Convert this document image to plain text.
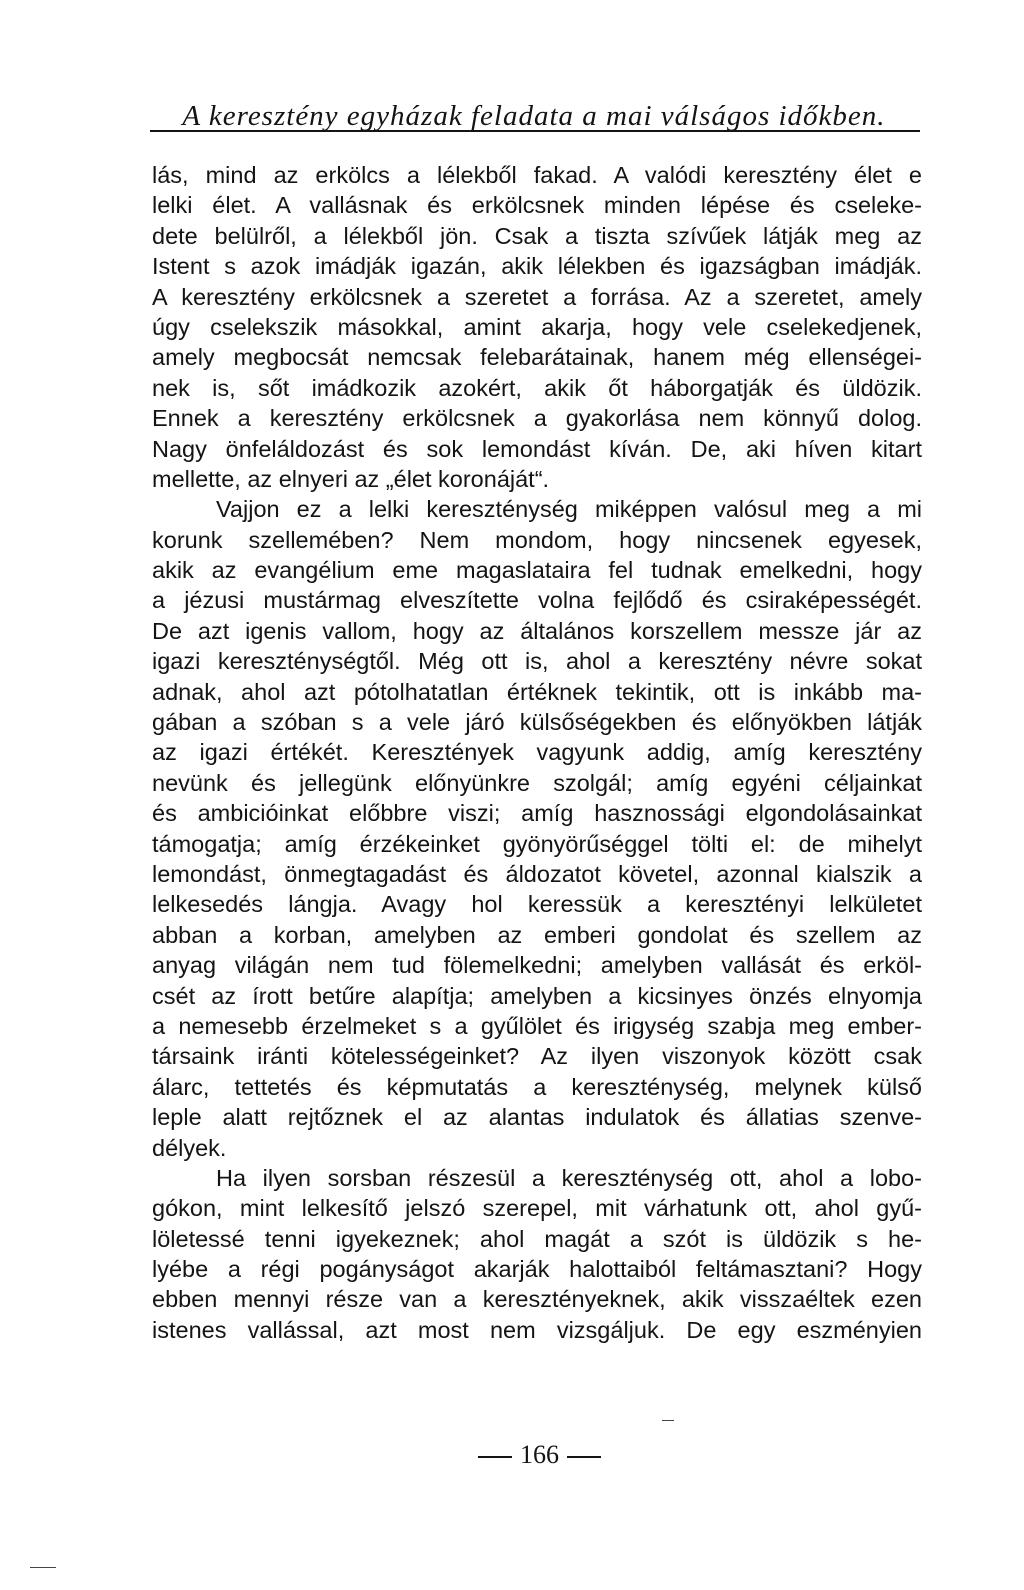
A keresztény egyházak feladata a mai válságos időkben.
lás, mind az erkölcs a lélekből fakad. A valódi keresztény élet e
lelki élet. A vallásnak és erkölcsnek minden lépése és cseleke-
dete belülről, a lélekből jön. Csak a tiszta szívűek látják meg az
Istent s azok imádják igazán, akik lélekben és igazságban imádják.
A keresztény erkölcsnek a szeretet a forrása. Az a szeretet, amely
úgy cselekszik másokkal, amint akarja, hogy vele cselekedjenek,
amely megbocsát nemcsak felebarátainak, hanem még ellenségei-
nek is, sőt imádkozik azokért, akik őt háborgatják és üldözik.
Ennek a keresztény erkölcsnek a gyakorlása nem könnyű dolog.
Nagy önfeláldozást és sok lemondást kíván. De, aki híven kitart
mellette, az elnyeri az „élet koronáját“.
Vajjon ez a lelki kereszténység miképpen valósul meg a mi
korunk szellemében? Nem mondom, hogy nincsenek egyesek,
akik az evangélium eme magaslataira fel tudnak emelkedni, hogy
a jézusi mustármag elveszítette volna fejlődő és csiraképességét.
De azt igenis vallom, hogy az általános korszellem messze jár az
igazi kereszténységtől. Még ott is, ahol a keresztény névre sokat
adnak, ahol azt pótolhatatlan értéknek tekintik, ott is inkább ma-
gában a szóban s a vele járó külsőségekben és előnyökben látják
az igazi értékét. Keresztények vagyunk addig, amíg keresztény
nevünk és jellegünk előnyünkre szolgál; amíg egyéni céljainkat
és ambicióinkat előbbre viszi; amíg hasznossági elgondolásainkat
támogatja; amíg érzékeinket gyönyörűséggel tölti el: de mihelyt
lemondást, önmegtagadást és áldozatot követel, azonnal kialszik a
lelkesedés lángja. Avagy hol keressük a keresztényi lelkületet
abban a korban, amelyben az emberi gondolat és szellem az
anyag világán nem tud fölemelkedni; amelyben vallását és erköl-
csét az írott betűre alapítja; amelyben a kicsinyes önzés elnyomja
a nemesebb érzelmeket s a gyűlölet és irigység szabja meg ember-
társaink iránti kötelességeinket? Az ilyen viszonyok között csak
álarc, tettetés és képmutatás a kereszténység, melynek külső
leple alatt rejtőznek el az alantas indulatok és állatias szenve-
délyek.
Ha ilyen sorsban részesül a kereszténység ott, ahol a lobo-
gókon, mint lelkesítő jelszó szerepel, mit várhatunk ott, ahol gyű-
löletessé tenni igyekeznek; ahol magát a szót is üldözik s he-
lyébe a régi pogányságot akarják halottaiból feltámasztani? Hogy
ebben mennyi része van a keresztényeknek, akik visszaéltek ezen
istenes vallással, azt most nem vizsgáljuk. De egy eszményien
166
